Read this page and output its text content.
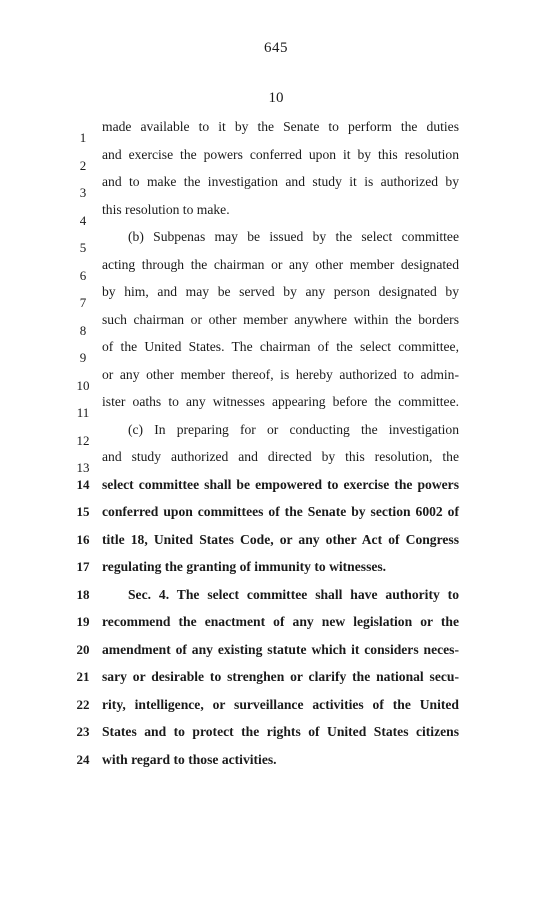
645
10
1
made available to it by the Senate to perform the duties
2
and exercise the powers conferred upon it by this resolution
3
and to make the investigation and study it is authorized by
4
this resolution to make.
5
(b) Subpenas may be issued by the select committee
6
acting through the chairman or any other member designated
7
by him, and may be served by any person designated by
8
such chairman or other member anywhere within the borders
9
of the United States. The chairman of the select committee,
10
or any other member thereof, is hereby authorized to admin-
11
ister oaths to any witnesses appearing before the committee.
12
(c) In preparing for or conducting the investigation
13
and study authorized and directed by this resolution, the
14 select committee shall be empowered to exercise the powers
15 conferred upon committees of the Senate by section 6002 of
16 title 18, United States Code, or any other Act of Congress
17 regulating the granting of immunity to witnesses.
18	Sec. 4. The select committee shall have authority to
19 recommend the enactment of any new legislation or the
20 amendment of any existing statute which it considers neces-
21 sary or desirable to strenghen or clarify the national secu-
22 rity, intelligence, or surveillance activities of the United
23 States and to protect the rights of United States citizens
24 with regard to those activities.
